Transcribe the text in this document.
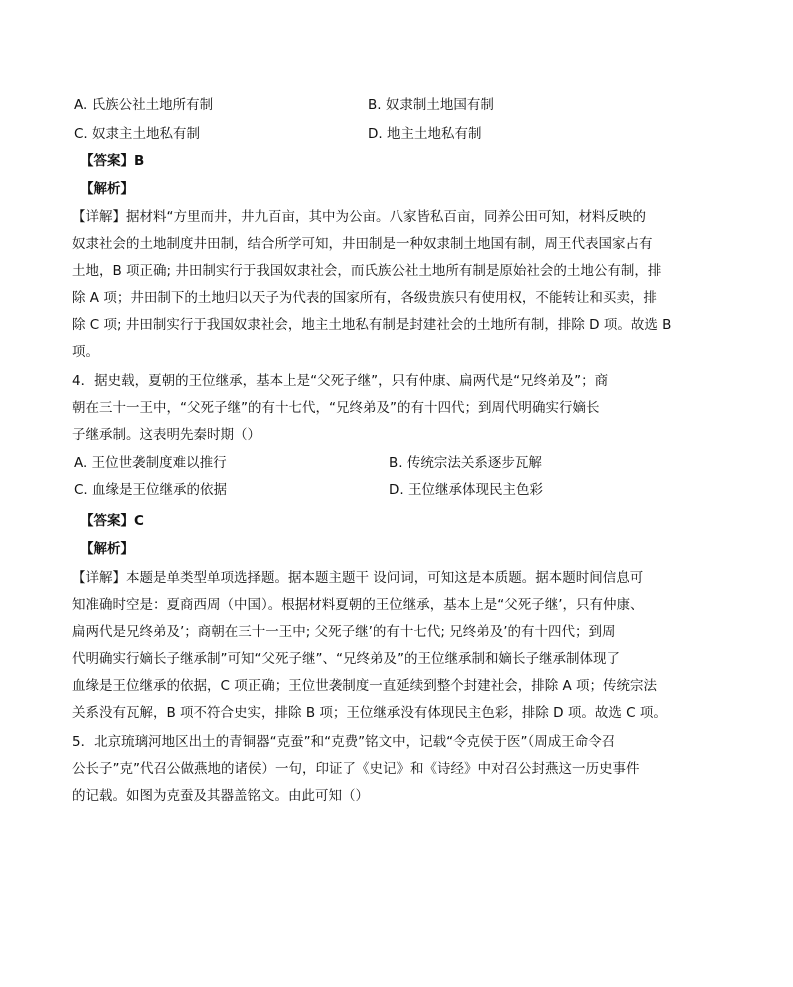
A. 氏族公社土地所有制	B. 奴隶制土地国有制
C. 奴隶主土地私有制	D. 地主土地私有制
【答案】B
【解析】
【详解】据材料“方里而井，井九百亩，其中为公亩。八家皆私百亩，同养公田可知，材料反映的
奴隶社会的土地制度井田制，结合所学可知，井田制是一种奴隶制土地国有制，周王代表国家占有
土地，B 项正确; 井田制实行于我国奴隶社会，而氏族公社土地所有制是原始社会的土地公有制，排
除 A 项；井田制下的土地归以天子为代表的国家所有，各级贵族只有使用权，不能转让和买卖，排
除 C 项; 井田制实行于我国奴隶社会，地主土地私有制是封建社会的土地所有制，排除 D 项。故选 B
项。
4．据史载，夏朝的王位继承，基本上是“父死子继”，只有仲康、扁两代是“兄终弟及”；商
朝在三十一王中，“父死子继”的有十七代，“兄终弟及”的有十四代；到周代明确实行嫡长
子继承制。这表明先秦时期（）
A. 王位世袭制度难以推行	B. 传统宗法关系逐步瓦解
C. 血缘是王位继承的依据	D. 王位继承体现民主色彩
【答案】C
【解析】
【详解】本题是单类型单项选择题。据本题主题干 设问词，可知这是本质题。据本题时间信息可
知准确时空是：夏商西周（中国）。根据材料夏朝的王位继承，基本上是“父死子继’，只有仲康、
扁两代是兄终弟及’；商朝在三十一王中; 父死子继’的有十七代; 兄终弟及’的有十四代；到周
代明确实行嫡长子继承制”可知“父死子继”、“兄终弟及”的王位继承制和嫡长子继承制体现了
血缘是王位继承的依据，C 项正确；王位世袭制度一直延续到整个封建社会，排除 A 项；传统宗法
关系没有瓦解，B 项不符合史实，排除 B 项；王位继承没有体现民主色彩，排除 D 项。故选 C 项。
5．北京琉璃河地区出土的青铜器“克蚕”和“克费”铭文中，记载“令克侯于医”（周成王命令召
公长子”克”代召公做燕地的诸侯）一句，印证了《史记》和《诗经》中对召公封燕这一历史事件
的记载。如图为克蚕及其器盖铭文。由此可知（）
